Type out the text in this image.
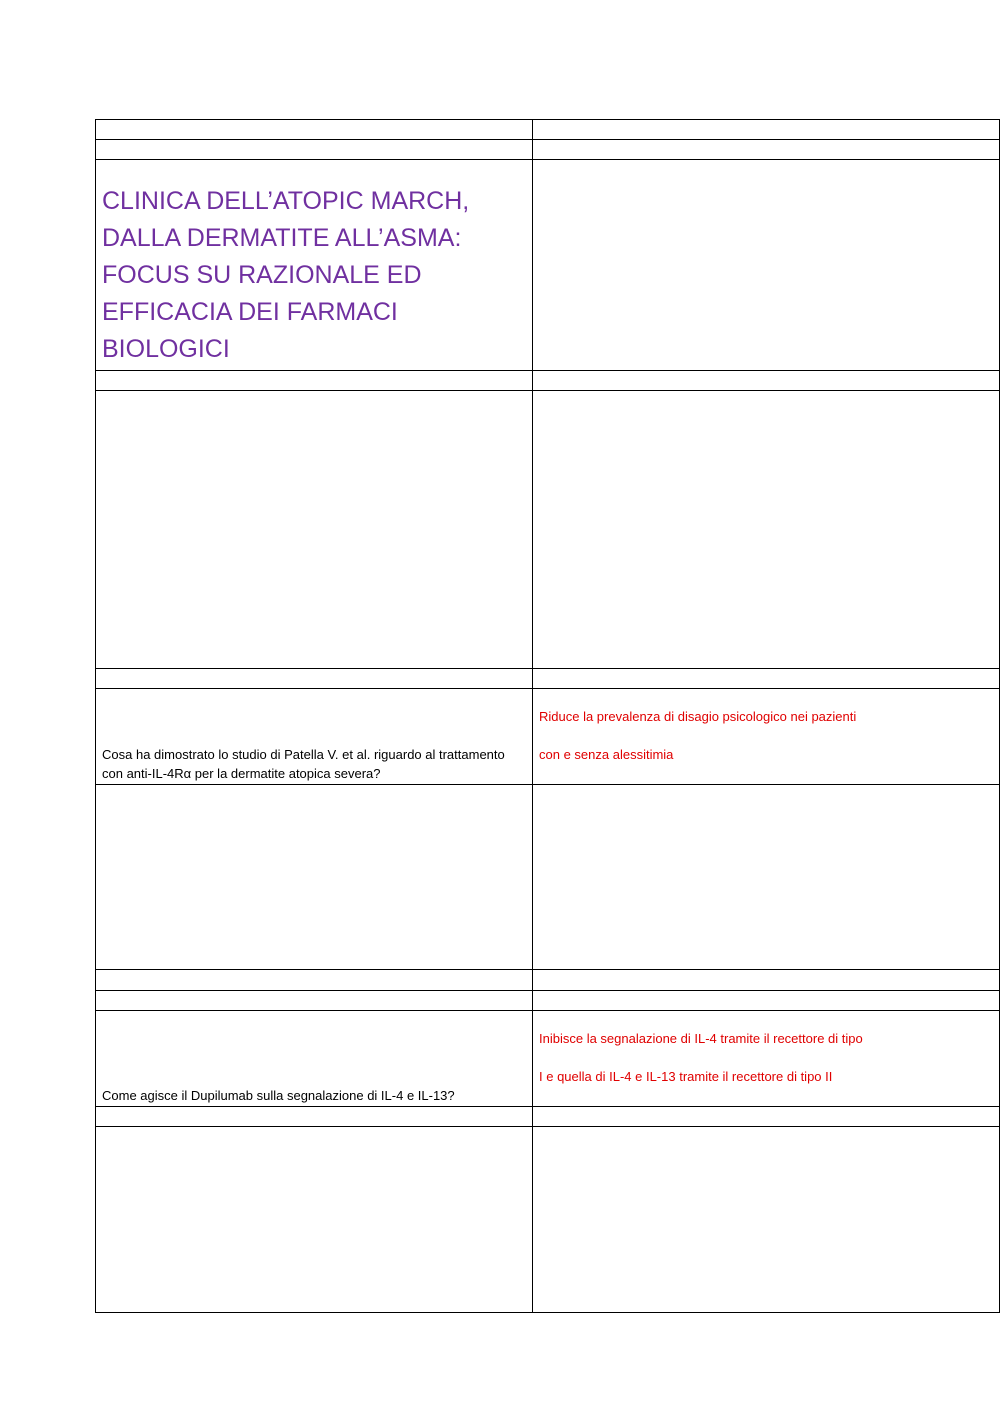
CLINICA DELL’ATOPIC MARCH, DALLA DERMATITE ALL’ASMA: FOCUS SU RAZIONALE ED EFFICACIA DEI FARMACI BIOLOGICI	

Cosa ha dimostrato lo studio di Patella V. et al. riguardo al trattamento con anti-IL-4Rα per la dermatite atopica severa?	Riduce la prevalenza di disagio psicologico nei pazienti
con e senza alessitimia

Come agisce il Dupilumab sulla segnalazione di IL-4 e IL-13?	Inibisce la segnalazione di IL-4 tramite il recettore di tipo
I e quella di IL-4 e IL-13 tramite il recettore di tipo II
